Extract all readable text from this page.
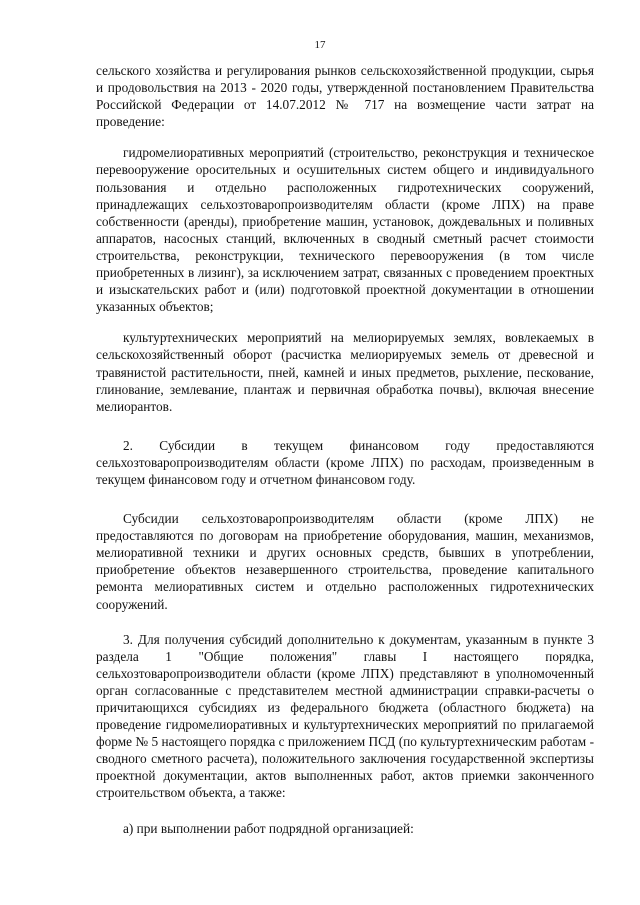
17

сельского хозяйства и регулирования рынков сельскохозяйственной продукции, сырья и продовольствия на 2013 - 2020 годы, утвержденной постановлением Правительства Российской Федерации от 14.07.2012 № 717 на возмещение части затрат на проведение:

гидромелиоративных мероприятий (строительство, реконструкция и техническое перевооружение оросительных и осушительных систем общего и индивидуального пользования и отдельно расположенных гидротехнических сооружений, принадлежащих сельхозтоваропроизводителям области (кроме ЛПХ) на праве собственности (аренды), приобретение машин, установок, дождевальных и поливных аппаратов, насосных станций, включенных в сводный сметный расчет стоимости строительства, реконструкции, технического перевооружения (в том числе приобретенных в лизинг), за исключением затрат, связанных с проведением проектных и изыскательских работ и (или) подготовкой проектной документации в отношении указанных объектов;

культуртехнических мероприятий на мелиорируемых землях, вовлекаемых в сельскохозяйственный оборот (расчистка мелиорируемых земель от древесной и травянистой растительности, пней, камней и иных предметов, рыхление, пескование, глинование, землевание, плантаж и первичная обработка почвы), включая внесение мелиорантов.

2. Субсидии в текущем финансовом году предоставляются сельхозтоваропроизводителям области (кроме ЛПХ) по расходам, произведенным в текущем финансовом году и отчетном финансовом году.

Субсидии сельхозтоваропроизводителям области (кроме ЛПХ) не предоставляются по договорам на приобретение оборудования, машин, механизмов, мелиоративной техники и других основных средств, бывших в употреблении, приобретение объектов незавершенного строительства, проведение капитального ремонта мелиоративных систем и отдельно расположенных гидротехнических сооружений.

3. Для получения субсидий дополнительно к документам, указанным в пункте 3 раздела 1 "Общие положения" главы I настоящего порядка, сельхозтоваропроизводители области (кроме ЛПХ) представляют в уполномоченный орган согласованные с представителем местной администрации справки-расчеты о причитающихся субсидиях из федерального бюджета (областного бюджета) на проведение гидромелиоративных и культуртехнических мероприятий по прилагаемой форме № 5 настоящего порядка с приложением ПСД (по культуртехническим работам - сводного сметного расчета), положительного заключения государственной экспертизы проектной документации, актов выполненных работ, актов приемки законченного строительством объекта, а также:

а) при выполнении работ подрядной организацией:
